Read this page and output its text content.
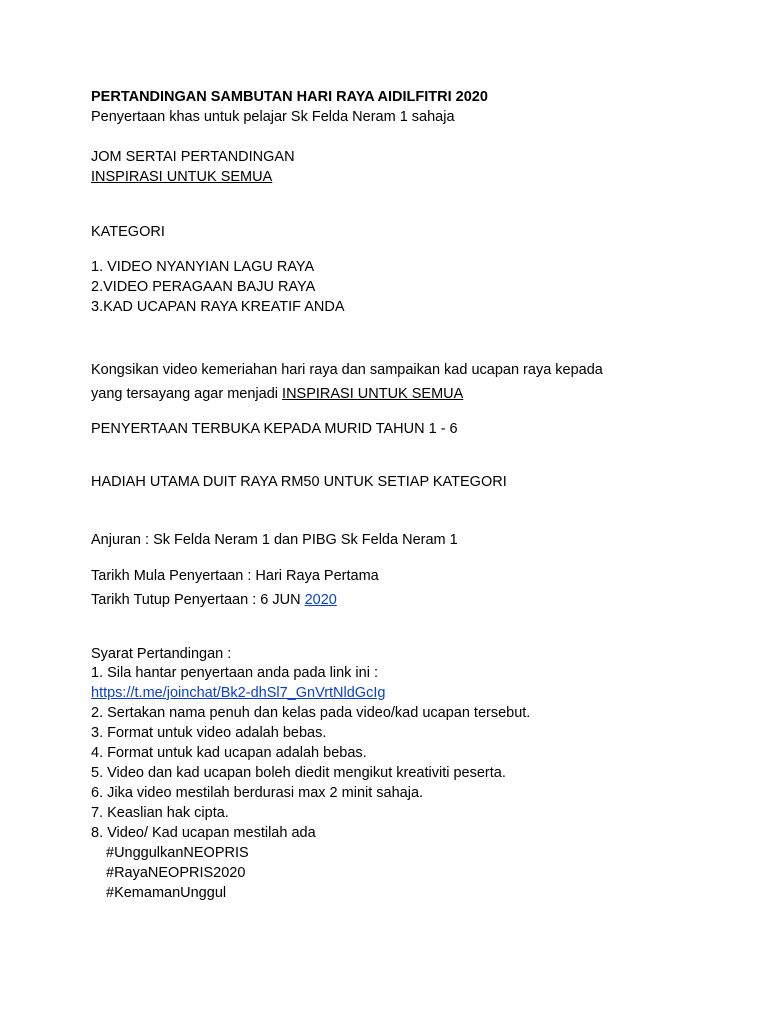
PERTANDINGAN SAMBUTAN HARI RAYA AIDILFITRI 2020
Penyertaan khas untuk pelajar Sk Felda Neram 1 sahaja
JOM SERTAI PERTANDINGAN
INSPIRASI UNTUK SEMUA
KATEGORI
1. VIDEO NYANYIAN LAGU RAYA
2.VIDEO PERAGAAN BAJU RAYA
3.KAD UCAPAN RAYA KREATIF ANDA
Kongsikan video kemeriahan hari raya dan sampaikan kad ucapan raya kepada
yang tersayang agar menjadi INSPIRASI UNTUK SEMUA
PENYERTAAN TERBUKA KEPADA MURID TAHUN 1 - 6
HADIAH UTAMA DUIT RAYA RM50 UNTUK SETIAP KATEGORI
Anjuran : Sk Felda Neram 1 dan PIBG Sk Felda Neram 1
Tarikh Mula Penyertaan : Hari Raya Pertama
Tarikh Tutup Penyertaan : 6 JUN 2020
Syarat Pertandingan :
1. Sila hantar penyertaan anda pada link ini :
https://t.me/joinchat/Bk2-dhSl7_GnVrtNldGcIg
2. Sertakan nama penuh dan kelas pada video/kad ucapan tersebut.
3. Format untuk video adalah bebas.
4. Format untuk kad ucapan adalah bebas.
5. Video dan kad ucapan boleh diedit mengikut kreativiti peserta.
6. Jika video mestilah berdurasi max 2 minit sahaja.
7. Keaslian hak cipta.
8. Video/ Kad ucapan mestilah ada
#UnggulkanNEOPRIS
#RayaNEOPRIS2020
#KemamanUnggul
